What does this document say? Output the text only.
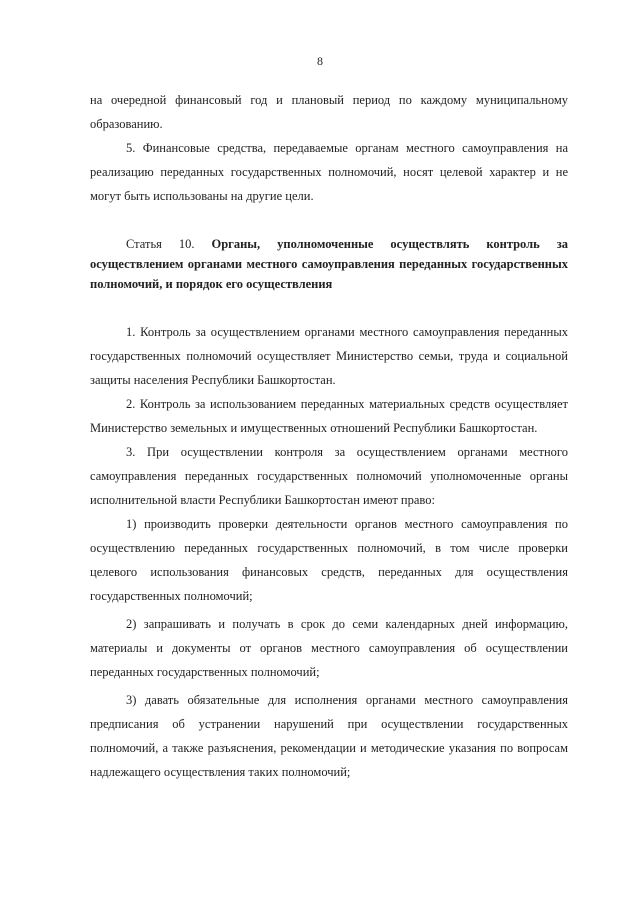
8

на очередной финансовый год и плановый период по каждому муниципальному образованию.

5. Финансовые средства, передаваемые органам местного самоуправления на реализацию переданных государственных полномочий, носят целевой характер и не могут быть использованы на другие цели.

Статья 10. Органы, уполномоченные осуществлять контроль за осуществлением органами местного самоуправления переданных государственных полномочий, и порядок его осуществления

1. Контроль за осуществлением органами местного самоуправления переданных государственных полномочий осуществляет Министерство семьи, труда и социальной защиты населения Республики Башкортостан.

2. Контроль за использованием переданных материальных средств осуществляет Министерство земельных и имущественных отношений Республики Башкортостан.

3. При осуществлении контроля за осуществлением органами местного самоуправления переданных государственных полномочий уполномоченные органы исполнительной власти Республики Башкортостан имеют право:

1) производить проверки деятельности органов местного самоуправления по осуществлению переданных государственных полномочий, в том числе проверки целевого использования финансовых средств, переданных для осуществления государственных полномочий;

2) запрашивать и получать в срок до семи календарных дней информацию, материалы и документы от органов местного самоуправления об осуществлении переданных государственных полномочий;

3) давать обязательные для исполнения органами местного самоуправления предписания об устранении нарушений при осуществлении государственных полномочий, а также разъяснения, рекомендации и методические указания по вопросам надлежащего осуществления таких полномочий;
